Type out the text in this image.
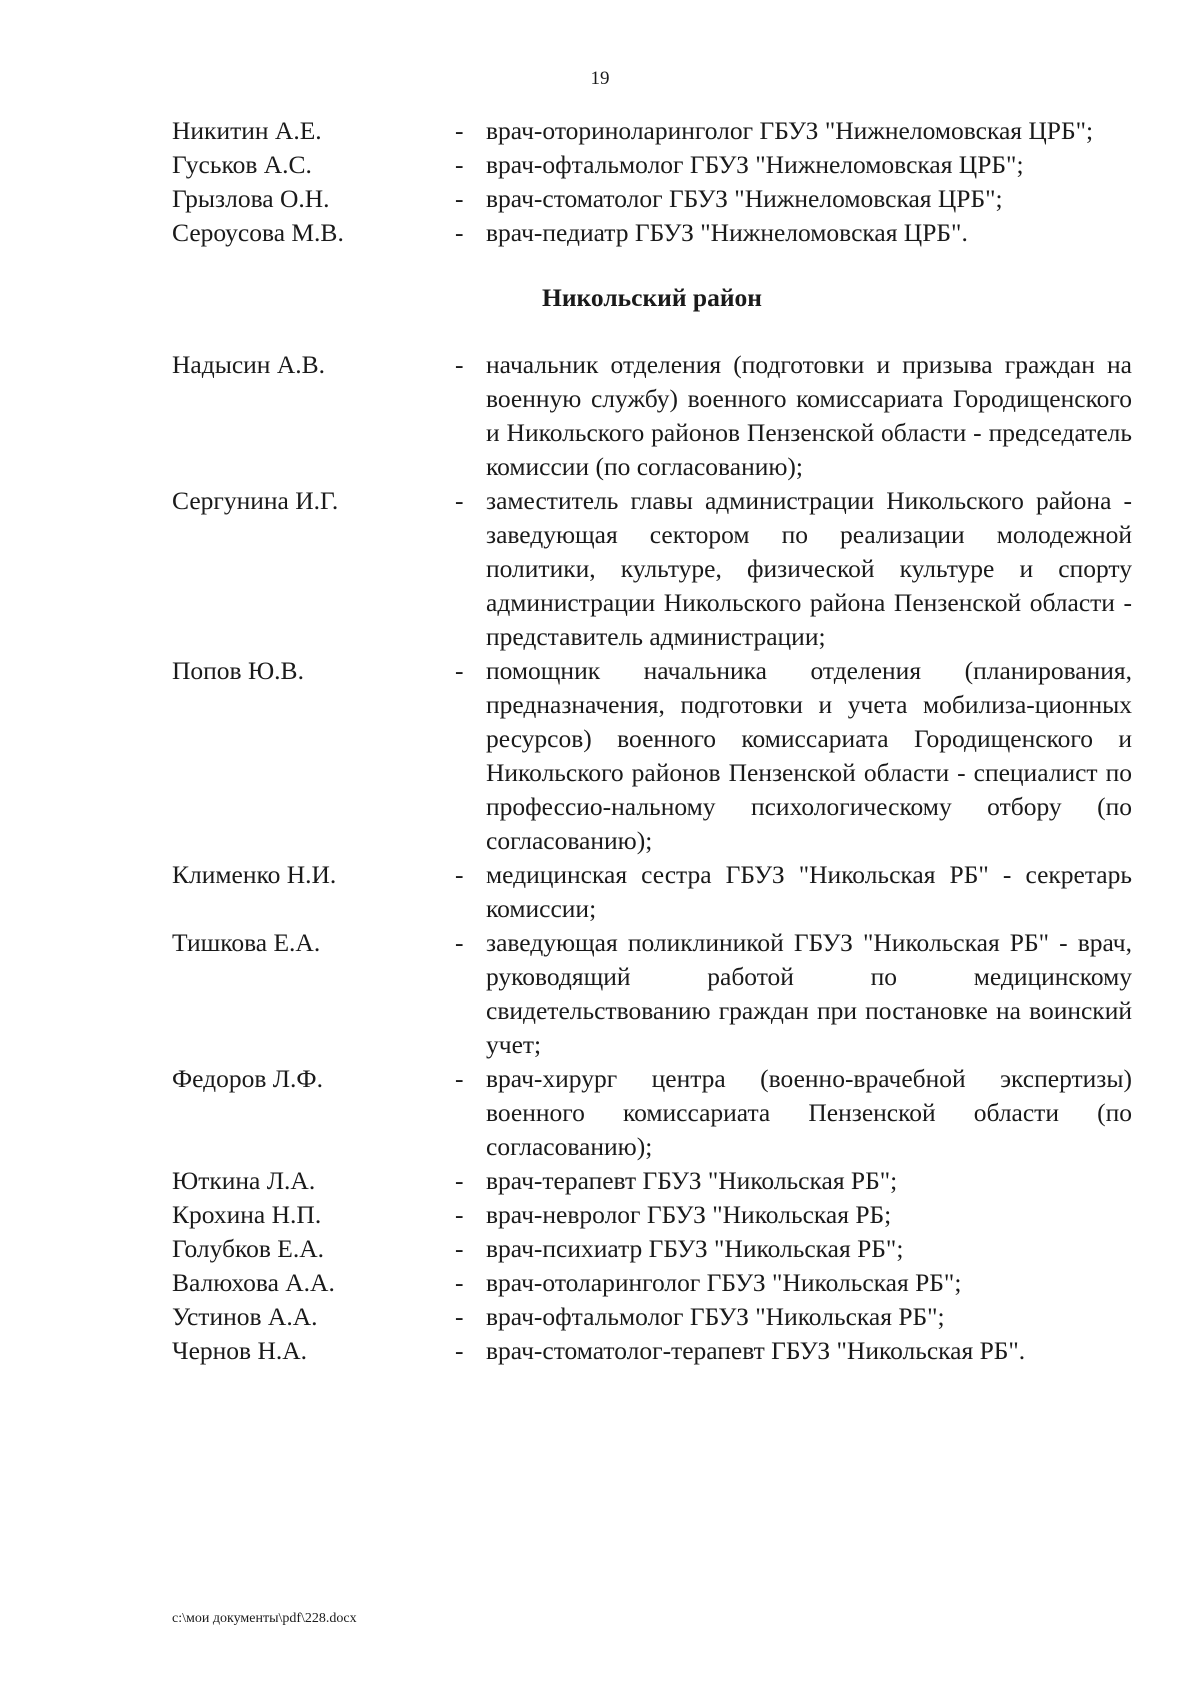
19
Никитин А.Е.	- врач-оториноларинголог ГБУЗ "Нижнеломовская ЦРБ";
Гуськов А.С.	- врач-офтальмолог ГБУЗ "Нижнеломовская ЦРБ";
Грызлова О.Н.	- врач-стоматолог ГБУЗ "Нижнеломовская ЦРБ";
Сероусова М.В.	- врач-педиатр ГБУЗ "Нижнеломовская ЦРБ".
Никольский район
Надысин А.В.	- начальник отделения (подготовки и призыва граждан на военную службу) военного комиссариата Городищенского и Никольского районов Пензенской области - председатель комиссии (по согласованию);
Сергунина И.Г.	- заместитель главы администрации Никольского района - заведующая сектором по реализации молодежной политики, культуре, физической культуре и спорту администрации Никольского района Пензенской области - представитель администрации;
Попов Ю.В.	- помощник начальника отделения (планирования, предназначения, подготовки и учета мобилиза-ционных ресурсов) военного комиссариата Городищенского и Никольского районов Пензенской области - специалист по профессио-нальному психологическому отбору (по согласованию);
Клименко Н.И.	- медицинская сестра ГБУЗ "Никольская РБ" - секретарь комиссии;
Тишкова Е.А.	- заведующая поликлиникой ГБУЗ "Никольская РБ" - врач, руководящий работой по медицинскому свидетельствованию граждан при постановке на воинский учет;
Федоров Л.Ф.	- врач-хирург центра (военно-врачебной экспертизы) военного комиссариата Пензенской области (по согласованию);
Юткина Л.А.	- врач-терапевт ГБУЗ "Никольская РБ";
Крохина Н.П.	- врач-невролог ГБУЗ "Никольская РБ;
Голубков Е.А.	- врач-психиатр ГБУЗ "Никольская РБ";
Валюхова А.А.	- врач-отоларинголог ГБУЗ "Никольская РБ";
Устинов А.А.	- врач-офтальмолог ГБУЗ "Никольская РБ";
Чернов Н.А.	- врач-стоматолог-терапевт ГБУЗ "Никольская РБ".
c:\мои документы\pdf\228.docx
